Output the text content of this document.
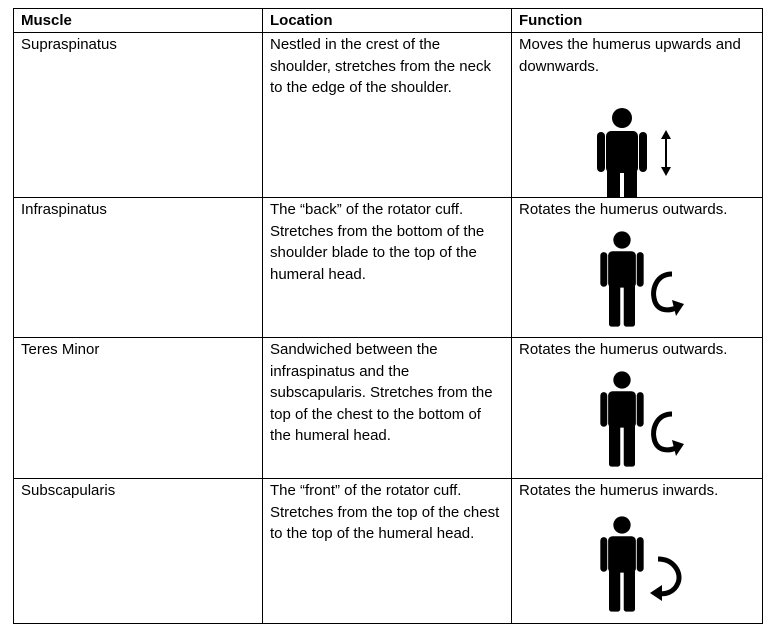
Muscle	Location	Function
Supraspinatus	Nestled in the crest of the shoulder, stretches from the neck to the edge of the shoulder.	Moves the humerus upwards and downwards.

Infraspinatus	The “back” of the rotator cuff. Stretches from the bottom of the shoulder blade to the top of the humeral head.	Rotates the humerus outwards.

Teres Minor	Sandwiched between the infraspinatus and the subscapularis. Stretches from the top of the chest to the bottom of the humeral head.	Rotates the humerus outwards.

Subscapularis	The “front” of the rotator cuff. Stretches from the top of the chest to the top of the humeral head.	Rotates the humerus inwards.
